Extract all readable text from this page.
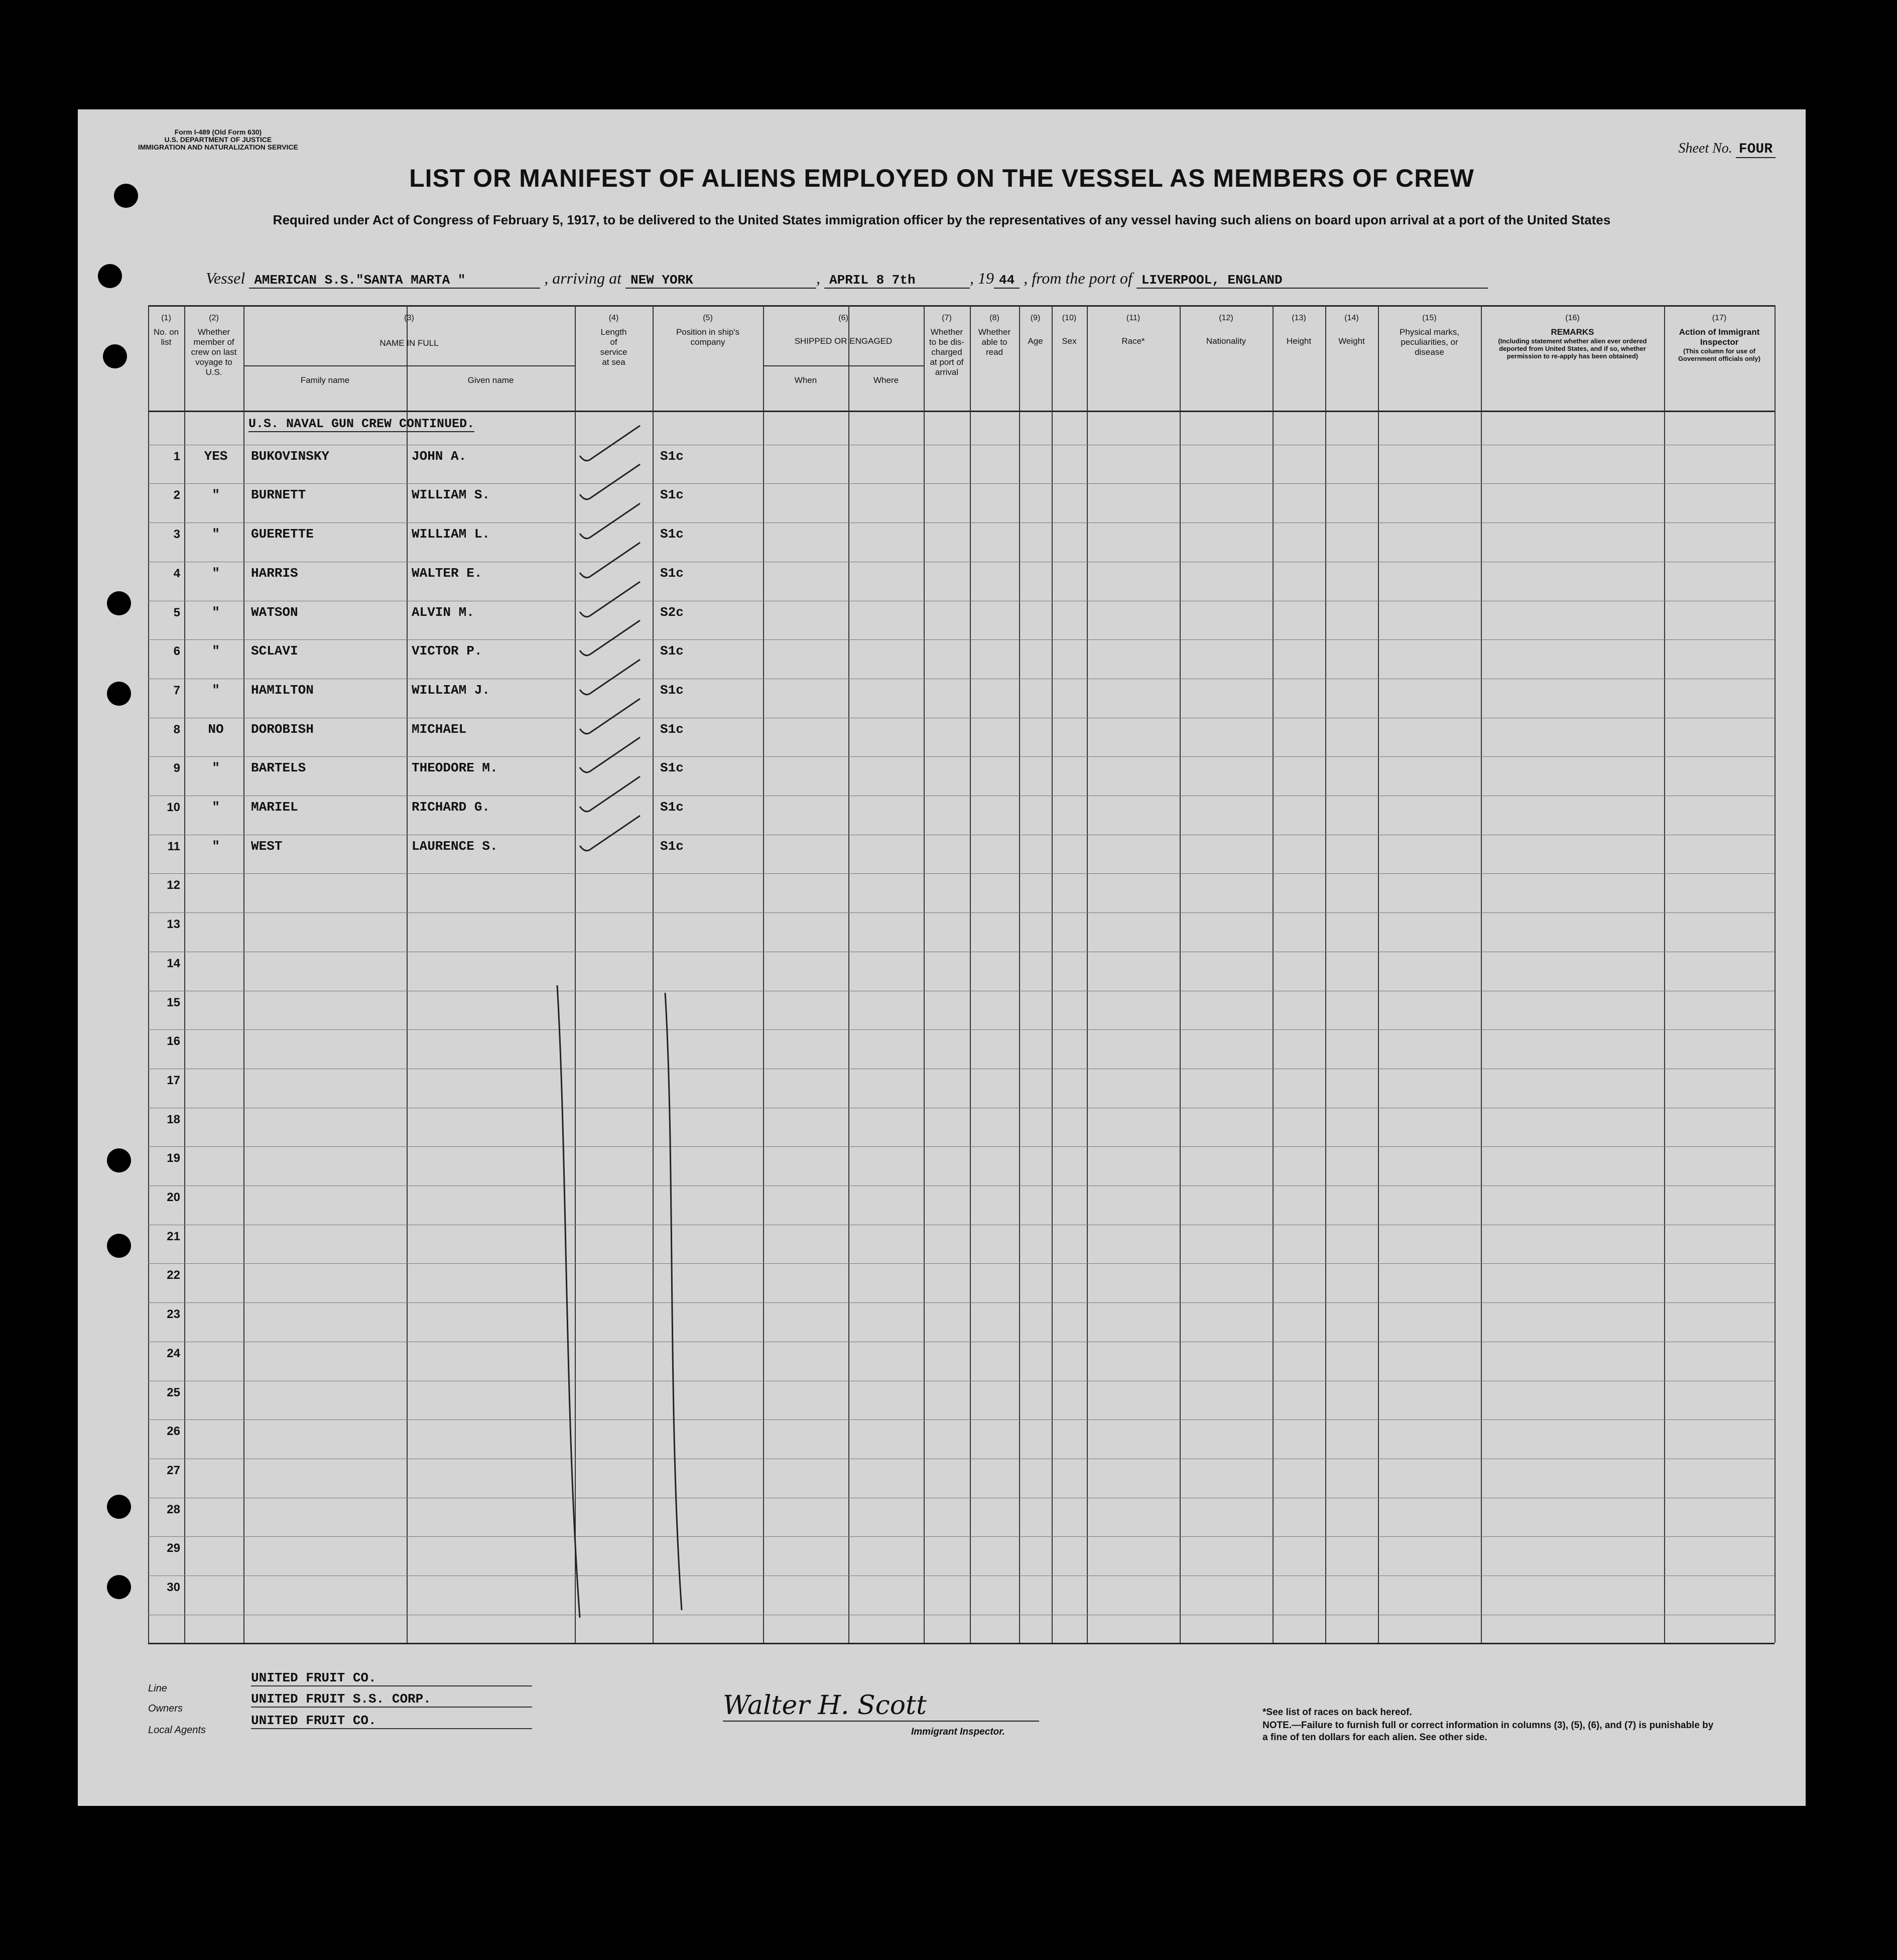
Form I-489 (Old Form 630)
U.S. DEPARTMENT OF JUSTICE
IMMIGRATION AND NATURALIZATION SERVICE	Sheet No. FOUR
LIST OR MANIFEST OF ALIENS EMPLOYED ON THE VESSEL AS MEMBERS OF CREW
Required under Act of Congress of February 5, 1917, to be delivered to the United States immigration officer by the representatives of any vessel having such aliens on board upon arrival at a port of the United States
Vessel AMERICAN S.S."SANTA MARTA "	, arriving at NEW YORK	, APRIL 8 7th	, 19 44 , from the port of LIVERPOOL, ENGLAND
(1)
No. on list
(2)
Whether member of crew on last voyage to U.S.
(3)
NAME IN FULL
Family name	Given name
(4)
Length of service at sea
(5)
Position in ship's company
(6)
SHIPPED OR ENGAGED
When	Where
(7)
Whether to be dis-charged at port of arrival
(8)
Whether able to read
(9)
Age
(10)
Sex
(11)
Race*
(12)
Nationality
(13)
Height
(14)
Weight
(15)
Physical marks, peculiarities, or disease
(16)
REMARKS
(Including statement whether alien ever ordered deported from United States, and if so, whether permission to re-apply has been obtained)
(17)
Action of Immigrant Inspector
(This column for use of Government officials only)
U.S. NAVAL GUN CREW CONTINUED.
1	YES	BUKOVINSKY	JOHN A.	S1c
2	"	BURNETT	WILLIAM S.	S1c
3	"	GUERETTE	WILLIAM L.	S1c
4	"	HARRIS	WALTER E.	S1c
5	"	WATSON	ALVIN M.	S2c
6	"	SCLAVI	VICTOR P.	S1c
7	"	HAMILTON	WILLIAM J.	S1c
8	NO	DOROBISH	MICHAEL	S1c
9	"	BARTELS	THEODORE M.	S1c
10	"	MARIEL	RICHARD G.	S1c
11	"	WEST	LAURENCE S.	S1c
12
13
14
15
16
17
18
19
20
21
22
23
24
25
26
27
28
29
30
Line
UNITED FRUIT CO.
Owners
UNITED FRUIT S.S. CORP.
Local Agents
UNITED FRUIT CO.	Walter H. Scott
Immigrant Inspector.
*See list of races on back hereof.
NOTE.—Failure to furnish full or correct information in columns (3), (5), (6), and (7) is punishable by a fine of ten dollars for each alien. See other side.
